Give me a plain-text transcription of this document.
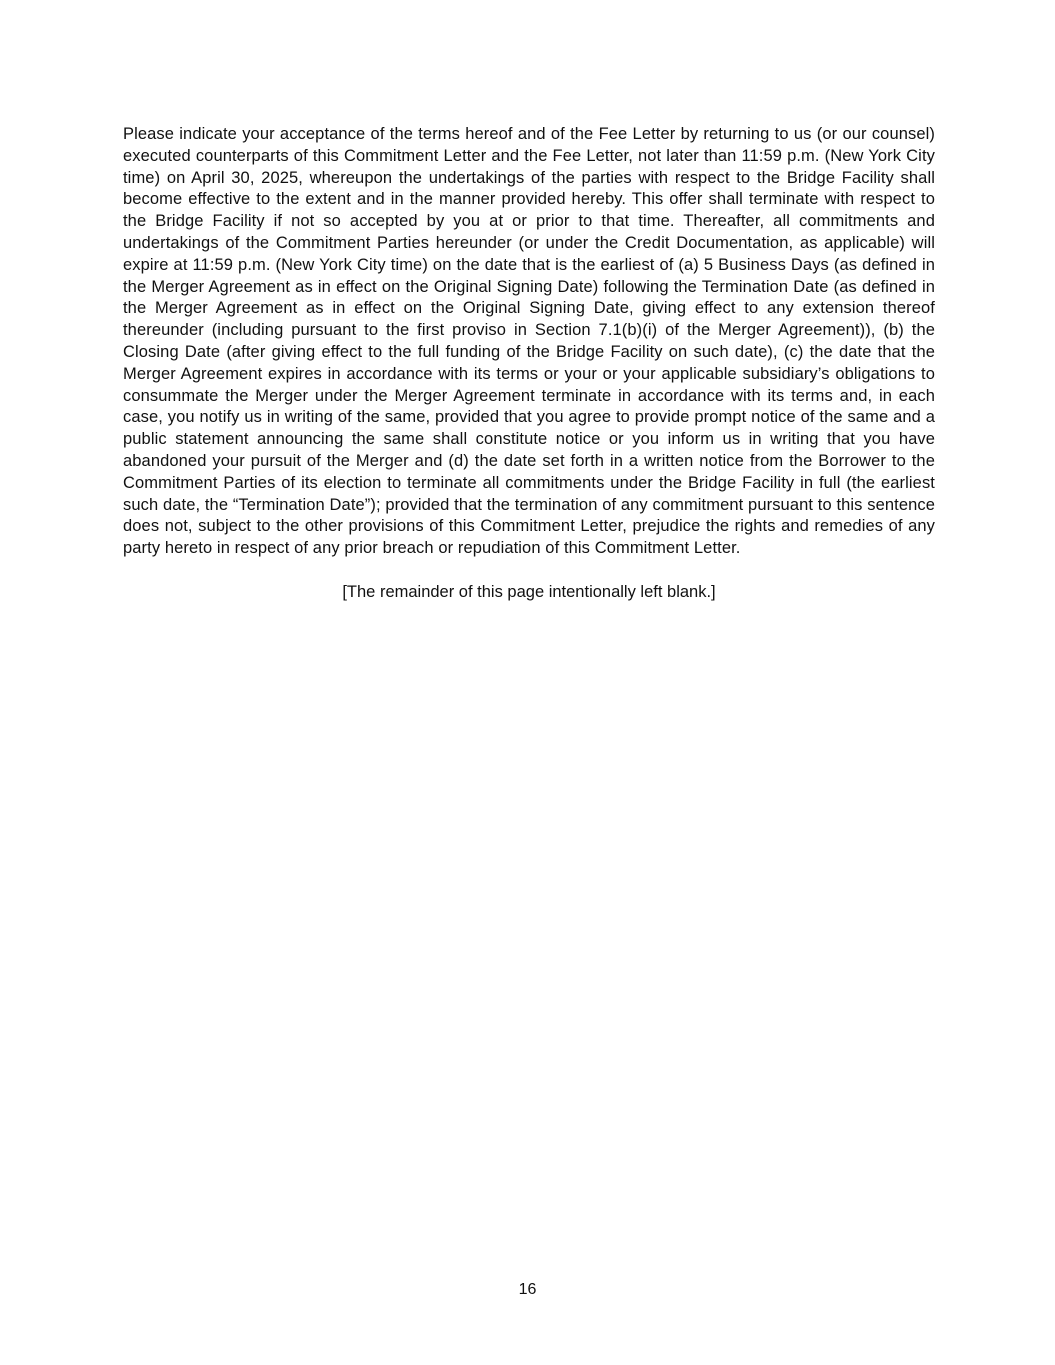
Please indicate your acceptance of the terms hereof and of the Fee Letter by returning to us (or our counsel) executed counterparts of this Commitment Letter and the Fee Letter, not later than 11:59 p.m. (New York City time) on April 30, 2025, whereupon the undertakings of the parties with respect to the Bridge Facility shall become effective to the extent and in the manner provided hereby. This offer shall terminate with respect to the Bridge Facility if not so accepted by you at or prior to that time. Thereafter, all commitments and undertakings of the Commitment Parties hereunder (or under the Credit Documentation, as applicable) will expire at 11:59 p.m. (New York City time) on the date that is the earliest of (a) 5 Business Days (as defined in the Merger Agreement as in effect on the Original Signing Date) following the Termination Date (as defined in the Merger Agreement as in effect on the Original Signing Date, giving effect to any extension thereof thereunder (including pursuant to the first proviso in Section 7.1(b)(i) of the Merger Agreement)), (b) the Closing Date (after giving effect to the full funding of the Bridge Facility on such date), (c) the date that the Merger Agreement expires in accordance with its terms or your or your applicable subsidiary’s obligations to consummate the Merger under the Merger Agreement terminate in accordance with its terms and, in each case, you notify us in writing of the same, provided that you agree to provide prompt notice of the same and a public statement announcing the same shall constitute notice or you inform us in writing that you have abandoned your pursuit of the Merger and (d) the date set forth in a written notice from the Borrower to the Commitment Parties of its election to terminate all commitments under the Bridge Facility in full (the earliest such date, the “Termination Date”); provided that the termination of any commitment pursuant to this sentence does not, subject to the other provisions of this Commitment Letter, prejudice the rights and remedies of any party hereto in respect of any prior breach or repudiation of this Commitment Letter.

[The remainder of this page intentionally left blank.]
16
